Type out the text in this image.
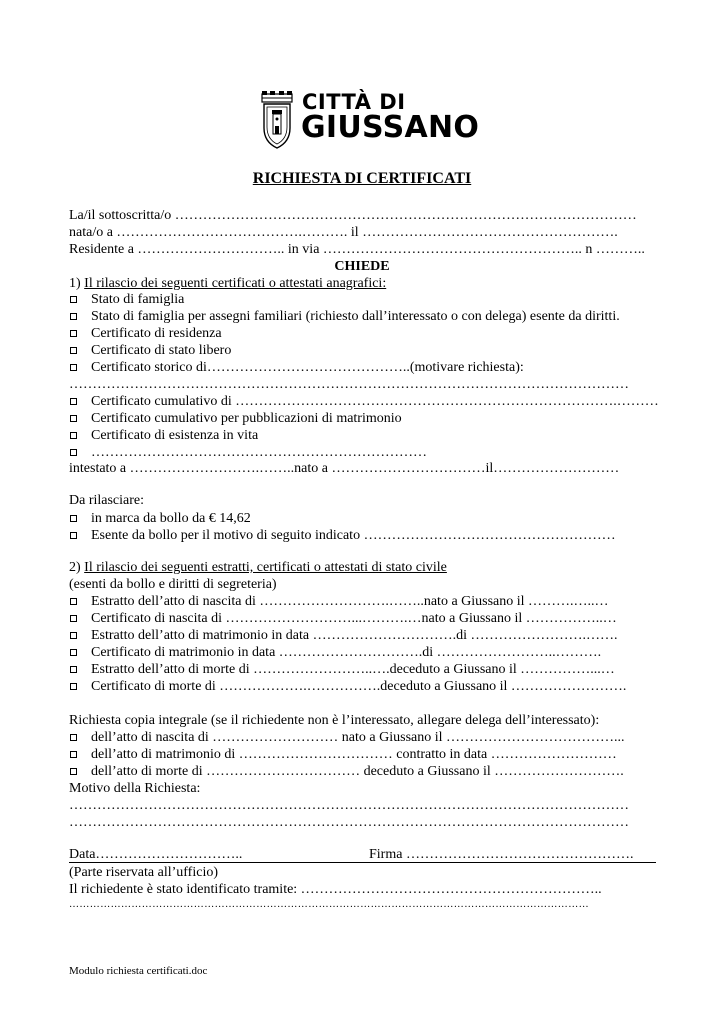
CITTÀ DI
GIUSSANO
RICHIESTA DI CERTIFICATI
La/il sottoscritta/o ………………………………………………………………………………………
nata/o a ………………………………….………. il ……………………………………………….
Residente a ………………………….. in via ……………………………………………….. n ………..
CHIEDE
1) Il rilascio dei seguenti certificati o attestati anagrafici:
Stato di famiglia
Stato di famiglia per assegni familiari (richiesto dall’interessato o con delega) esente da diritti.
Certificato di residenza
Certificato di stato libero
Certificato storico di……………………………………..(motivare richiesta):
…………………………………………………………………………………………………………
Certificato cumulativo di ……………………………………………………………………….………
Certificato cumulativo per pubblicazioni di matrimonio
Certificato di esistenza in vita
………………………………………………………………
intestato a ……………………….……..nato a ……………………………il………………………
Da rilasciare:
in marca da bollo da € 14,62
Esente da bollo per il motivo di seguito indicato ………………………………………………
2) Il rilascio dei seguenti estratti, certificati o attestati di stato civile
(esenti da bollo e diritti di segreteria)
Estratto dell’atto di nascita di ……………………….……..nato a Giussano il ……….…..…
Certificato di nascita di ………………………...……….…nato a Giussano il ……………..…
Estratto dell’atto di matrimonio in data ………………………….di …………………….…….
Certificato di matrimonio in data ………………………….di ……………………..……….
Estratto dell’atto di morte di ……………………..….deceduto a Giussano il ……………...…
Certificato di morte di ……………….…………….deceduto a Giussano il …………………….
Richiesta copia integrale (se il richiedente non è l’interessato, allegare delega dell’interessato):
dell’atto di nascita di ……………………… nato a Giussano il ………………………………...
dell’atto di matrimonio di …………………………… contratto in data ………………………
dell’atto di morte di …………………………… deceduto a Giussano il ……………………….
Motivo della Richiesta:
…………………………………………………………………………………………………………
…………………………………………………………………………………………………………
Data…………………………..	Firma ………………………………………….
(Parte riservata all’ufficio)
Il richiedente è stato identificato tramite: ………………………………………………………..
……………………………………………………………………………………………………………………………………
Modulo richiesta certificati.doc
